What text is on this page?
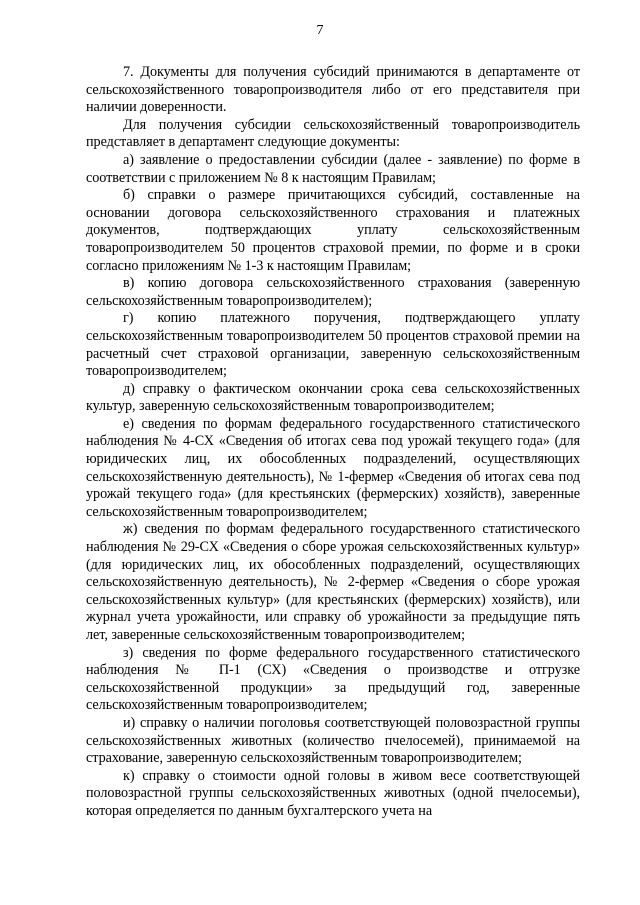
7

7. Документы для получения субсидий принимаются в департаменте от сельскохозяйственного товаропроизводителя либо от его представителя при наличии доверенности.

Для получения субсидии сельскохозяйственный товаропроизводитель представляет в департамент следующие документы:

а) заявление о предоставлении субсидии (далее - заявление) по форме в соответствии с приложением № 8 к настоящим Правилам;

б) справки о размере причитающихся субсидий, составленные на основании договора сельскохозяйственного страхования и платежных документов, подтверждающих уплату сельскохозяйственным товаропроизводителем 50 процентов страховой премии, по форме и в сроки согласно приложениям № 1-3 к настоящим Правилам;

в) копию договора сельскохозяйственного страхования (заверенную сельскохозяйственным товаропроизводителем);

г) копию платежного поручения, подтверждающего уплату сельскохозяйственным товаропроизводителем 50 процентов страховой премии на расчетный счет страховой организации, заверенную сельскохозяйственным товаропроизводителем;

д) справку о фактическом окончании срока сева сельскохозяйственных культур, заверенную сельскохозяйственным товаропроизводителем;

е) сведения по формам федерального государственного статистического наблюдения № 4-СХ «Сведения об итогах сева под урожай текущего года» (для юридических лиц, их обособленных подразделений, осуществляющих сельскохозяйственную деятельность), № 1-фермер «Сведения об итогах сева под урожай текущего года» (для крестьянских (фермерских) хозяйств), заверенные сельскохозяйственным товаропроизводителем;

ж) сведения по формам федерального государственного статистического наблюдения № 29-СХ «Сведения о сборе урожая сельскохозяйственных культур» (для юридических лиц, их обособленных подразделений, осуществляющих сельскохозяйственную деятельность), № 2-фермер «Сведения о сборе урожая сельскохозяйственных культур» (для крестьянских (фермерских) хозяйств), или журнал учета урожайности, или справку об урожайности за предыдущие пять лет, заверенные сельскохозяйственным товаропроизводителем;

з) сведения по форме федерального государственного статистического наблюдения № П-1 (СХ) «Сведения о производстве и отгрузке сельскохозяйственной продукции» за предыдущий год, заверенные сельскохозяйственным товаропроизводителем;

и) справку о наличии поголовья соответствующей половозрастной группы сельскохозяйственных животных (количество пчелосемей), принимаемой на страхование, заверенную сельскохозяйственным товаропроизводителем;

к) справку о стоимости одной головы в живом весе соответствующей половозрастной группы сельскохозяйственных животных (одной пчелосемьи), которая определяется по данным бухгалтерского учета на
